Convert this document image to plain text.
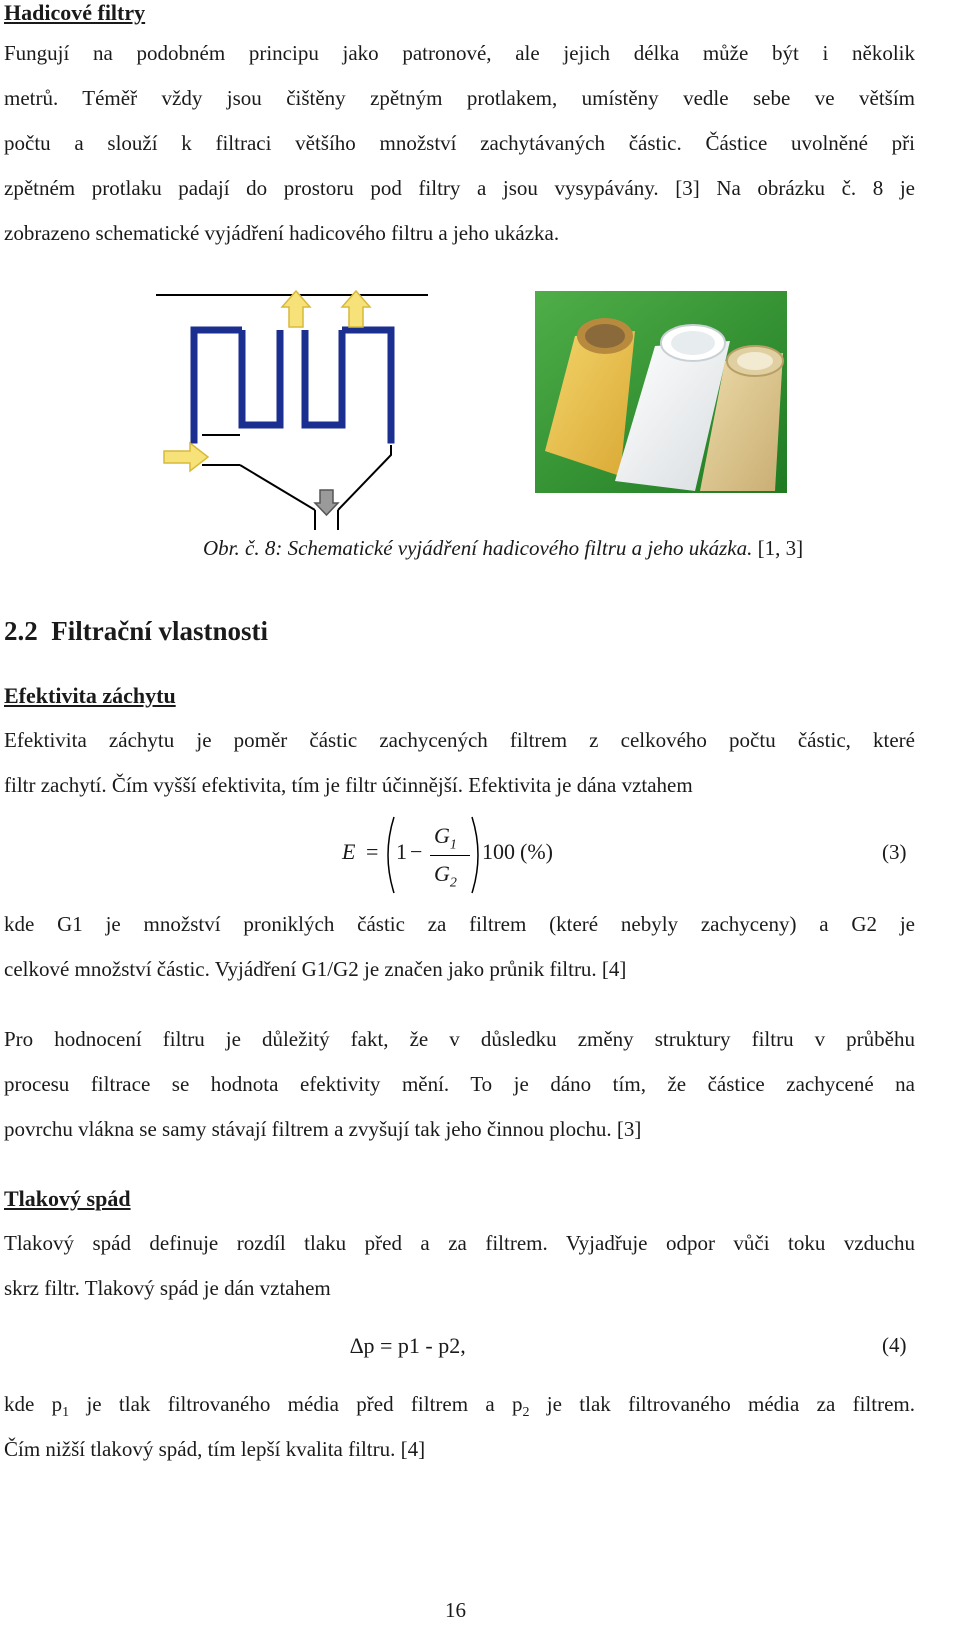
Hadicové filtry
Fungují na podobném principu jako patronové, ale jejich délka může být i několik
metrů. Téměř vždy jsou čištěny zpětným protlakem, umístěny vedle sebe ve větším
počtu a slouží k filtraci většího množství zachytávaných částic. Částice uvolněné při
zpětném protlaku padají do prostoru pod filtry a jsou vysypávány. [3] Na obrázku č. 8 je
zobrazeno schematické vyjádření hadicového filtru a jeho ukázka.
Obr. č. 8: Schematické vyjádření hadicového filtru a jeho ukázka. [1, 3]
2.2 Filtrační vlastnosti
Efektivita záchytu
Efektivita záchytu je poměr částic zachycených filtrem z celkového počtu částic, které
filtr zachytí. Čím vyšší efektivita, tím je filtr účinnější. Efektivita je dána vztahem
E = 1 −
$G_1$
$G_2$
100 (%)	(3)
kde G1 je množství proniklých částic za filtrem (které nebyly zachyceny) a G2 je
celkové množství částic. Vyjádření G1/G2 je značen jako průnik filtru. [4]
Pro hodnocení filtru je důležitý fakt, že v důsledku změny struktury filtru v průběhu
procesu filtrace se hodnota efektivity mění. To je dáno tím, že částice zachycené na
povrchu vlákna se samy stávají filtrem a zvyšují tak jeho činnou plochu. [3]
Tlakový spád
Tlakový spád definuje rozdíl tlaku před a za filtrem. Vyjadřuje odpor vůči toku vzduchu
skrz filtr. Tlakový spád je dán vztahem
∆p = p1 - p2,	(4)
kde $p_1$ je tlak filtrovaného média před filtrem a $p_2$ je tlak filtrovaného média za filtrem.
Čím nižší tlakový spád, tím lepší kvalita filtru. [4]
16
